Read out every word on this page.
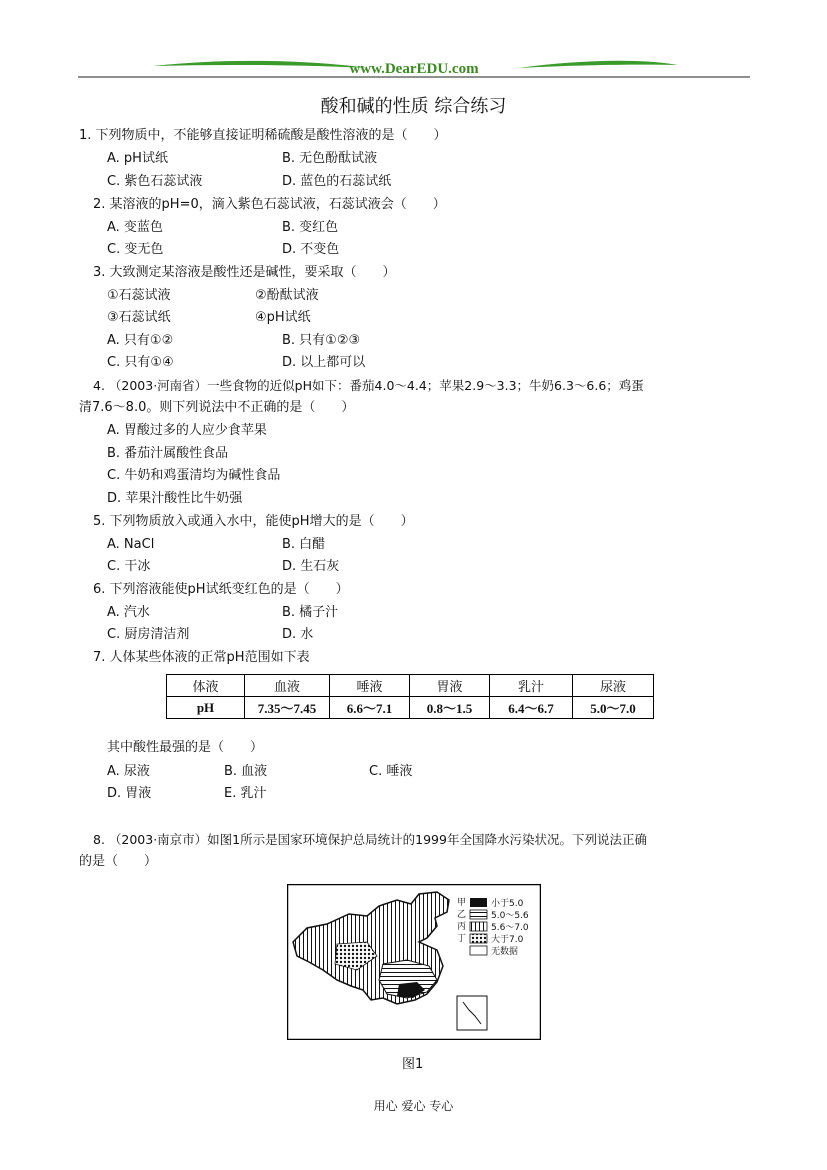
www.DearEDU.com
酸和碱的性质 综合练习
1. 下列物质中，不能够直接证明稀硫酸是酸性溶液的是（　　）
A. pH试纸	B. 无色酚酞试液
C. 紫色石蕊试液	D. 蓝色的石蕊试纸
2. 某溶液的pH=0，滴入紫色石蕊试液，石蕊试液会（　　）
A. 变蓝色	B. 变红色
C. 变无色	D. 不变色
3. 大致测定某溶液是酸性还是碱性，要采取（　　）
①石蕊试液	②酚酞试液
③石蕊试纸	④pH试纸
A. 只有①②	B. 只有①②③
C. 只有①④	D. 以上都可以
4. （2003·河南省）一些食物的近似pH如下：番茄4.0～4.4；苹果2.9～3.3；牛奶6.3～6.6；鸡蛋
清7.6～8.0。则下列说法中不正确的是（　　）
A. 胃酸过多的人应少食苹果
B. 番茄汁属酸性食品
C. 牛奶和鸡蛋清均为碱性食品
D. 苹果汁酸性比牛奶强
5. 下列物质放入或通入水中，能使pH增大的是（　　）
A. NaCl	B. 白醋
C. 干冰	D. 生石灰
6. 下列溶液能使pH试纸变红色的是（　　）
A. 汽水	B. 橘子汁
C. 厨房清洁剂	D. 水
7. 人体某些体液的正常pH范围如下表
体液	血液	唾液	胃液	乳汁	尿液
pH	7.35～7.45	6.6～7.1	0.8～1.5	6.4～6.7	5.0～7.0
其中酸性最强的是（　　）
A. 尿液	B. 血液	C. 唾液
D. 胃液	E. 乳汁
8. （2003·南京市）如图1所示是国家环境保护总局统计的1999年全国降水污染状况。下列说法正确
的是（　　）
甲	小于5.0
乙	5.0～5.6
丙	5.6～7.0
丁	大于7.0
无数据
图1
用心 爱心 专心
